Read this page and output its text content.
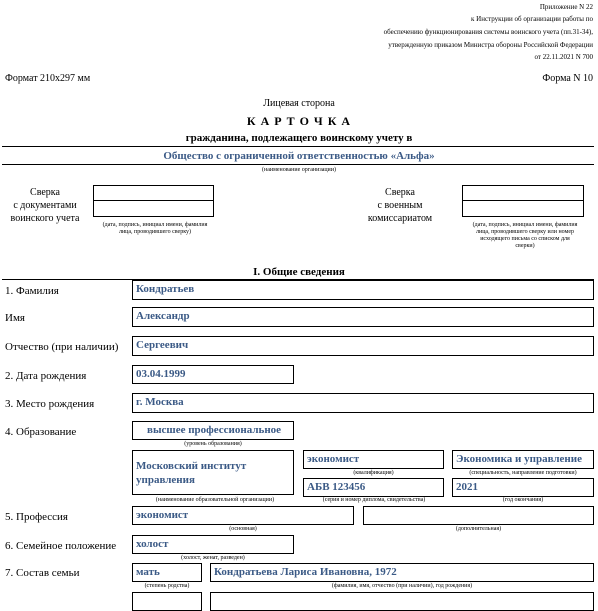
Приложение N 22
к Инструкции об организации работы по
обеспечению функционирования системы воинского учета (пп.31-34),
утвержденную приказом Министра обороны Российской Федерации
от 22.11.2021 N 700
Формат 210х297 мм	Форма N 10
Лицевая сторона
К А Р Т О Ч К А
гражданина, подлежащего воинскому учету в
Общество с ограниченной ответственностью «Альфа»
(наименование организации)
Сверка
с документами
воинского учета
(дата, подпись, инициал имени, фамилия
лица, проводившего сверку)
Сверка
с военным
комиссариатом
(дата, подпись, инициал имени, фамилия
лица, проводившего сверку или номер
исходящего письма со списком для
сверки)
I. Общие сведения
1. Фамилия	Кондратьев
Имя	Александр
Отчество (при наличии) Сергеевич
2. Дата рождения	03.04.1999
3. Место рождения	г. Москва
4. Образование	высшее профессиональное
(уровень образования)
Московский институт управления
(наименование образовательной организации)
экономист
(квалификация)
Экономика и управление
(специальность, направление подготовки)
АБВ 123456
(серия и номер диплома, свидетельства)
2021
(год окончания)
5. Профессия	экономист
(основная)	(дополнительная)
6. Семейное положение холост
(холост, женат, разведен)
7. Состав семьи	мать
(степень родства)
Кондратьева Лариса Ивановна, 1972
(фамилия, имя, отчество (при наличии), год рождения)
